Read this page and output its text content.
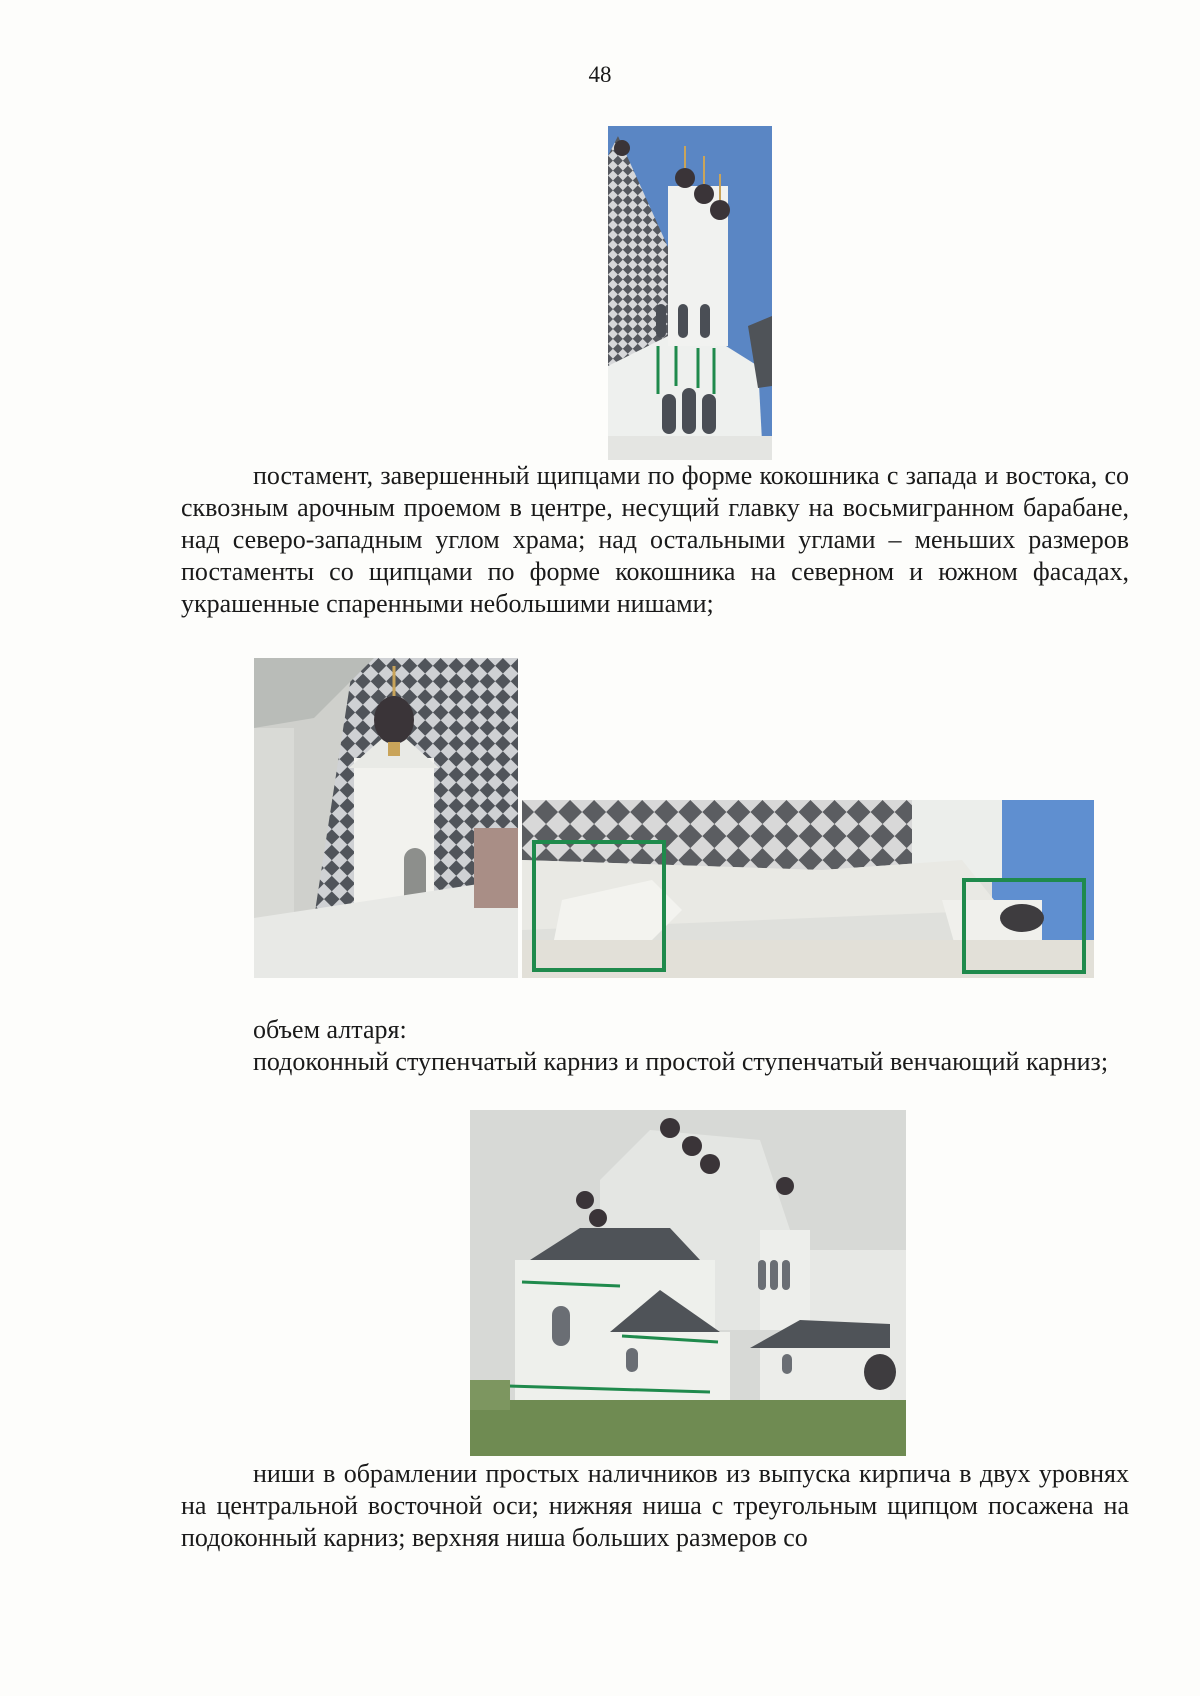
48
постамент, завершенный щипцами по форме кокошника с запада и востока, со сквозным арочным проемом в центре, несущий главку на восьмигранном барабане, над северо-западным углом храма; над остальными углами – меньших размеров постаменты со щипцами по форме кокошника на северном и южном фасадах, украшенные спаренными небольшими нишами;
объем алтаря:
подоконный ступенчатый карниз и простой ступенчатый венчающий карниз;
ниши в обрамлении простых наличников из выпуска кирпича в двух уровнях на центральной восточной оси; нижняя ниша с треугольным щипцом посажена на подоконный карниз; верхняя ниша больших размеров со
